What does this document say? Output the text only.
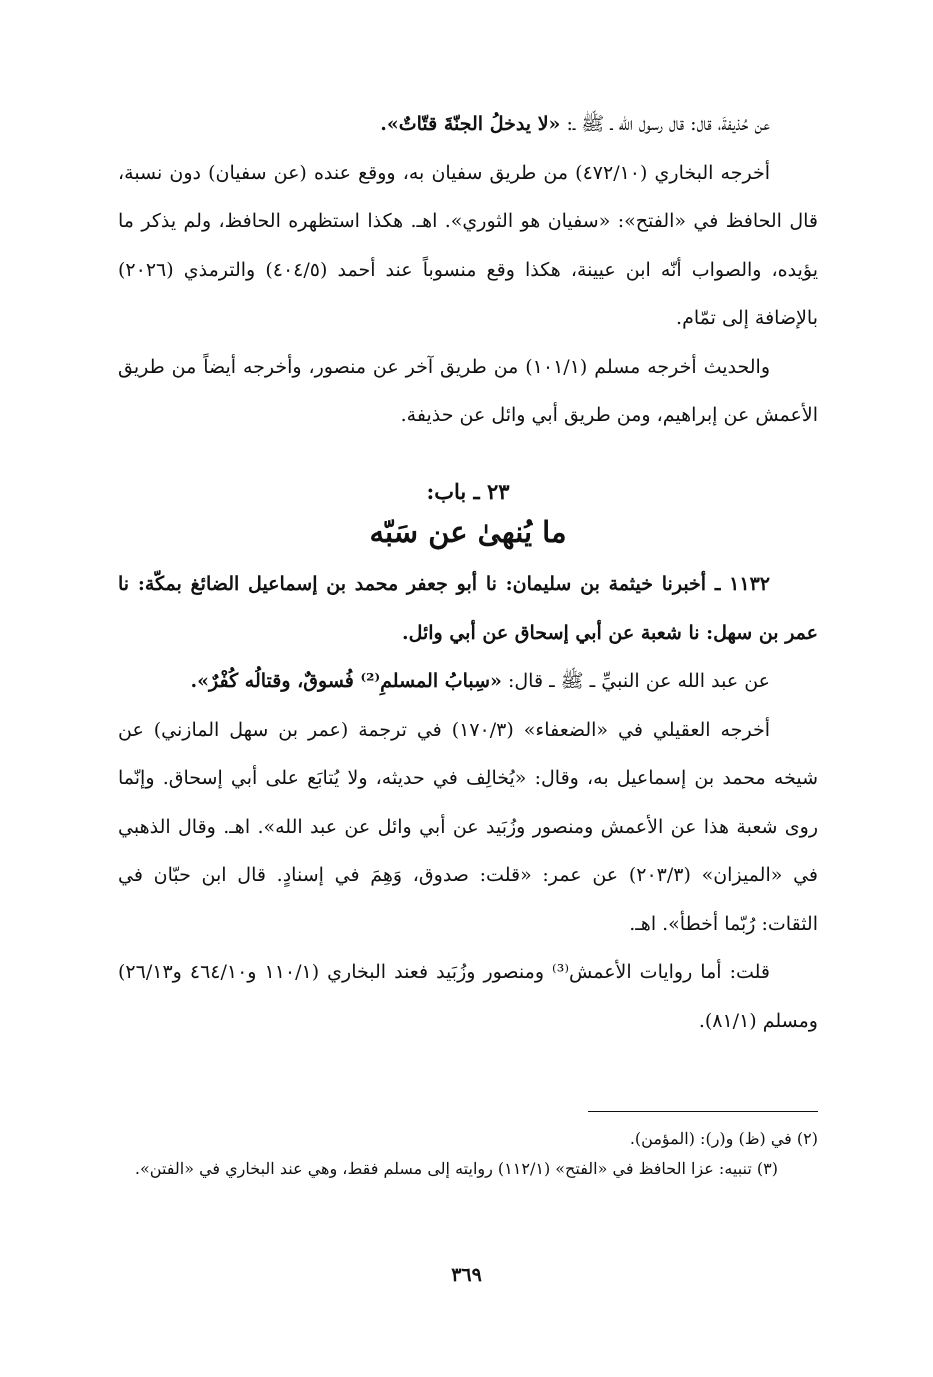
عن حُذيفةَ، قال: قال رسول الله ـ ﷺ ـ: «لا يدخلُ الجنّةَ قتّاتٌ».

أخرجه البخاري (٤٧٢/١٠) من طريق سفيان به، ووقع عنده (عن سفيان) دون نسبة، قال الحافظ في «الفتح»: «سفيان هو الثوري». اهـ. هكذا استظهره الحافظ، ولم يذكر ما يؤيده، والصواب أنّه ابن عيينة، هكذا وقع منسوباً عند أحمد (٤٠٤/٥) والترمذي (٢٠٢٦) بالإضافة إلى تمّام.

والحديث أخرجه مسلم (١٠١/١) من طريق آخر عن منصور، وأخرجه أيضاً من طريق الأعمش عن إبراهيم، ومن طريق أبي وائل عن حذيفة.

٢٣ ـ باب:
ما يُنهىٰ عن سَبّه

١١٣٢ ـ أخبرنا خيثمة بن سليمان: نا أبو جعفر محمد بن إسماعيل الضائغ بمكّة: نا عمر بن سهل: نا شعبة عن أبي إسحاق عن أبي وائل.

عن عبد الله عن النبيِّ ـ ﷺ ـ قال: «سِبابُ المسلمِ⁽²⁾ فُسوقٌ، وقتالُه كُفْرٌ».

أخرجه العقيلي في «الضعفاء» (١٧٠/٣) في ترجمة (عمر بن سهل المازني) عن شيخه محمد بن إسماعيل به، وقال: «يُخالِف في حديثه، ولا يُتابَع على أبي إسحاق. وإنّما روى شعبة هذا عن الأعمش ومنصور وزُبَيد عن أبي وائل عن عبد الله». اهـ. وقال الذهبي في «الميزان» (٢٠٣/٣) عن عمر: «قلت: صدوق، وَهِمَ في إسنادٍ. قال ابن حبّان في الثقات: رُبّما أخطأ». اهـ.

قلت: أما روايات الأعمش⁽³⁾ ومنصور وزُبَيد فعند البخاري (١١٠/١ و٤٦٤/١٠ و٢٦/١٣) ومسلم (٨١/١).

(٢) في (ظ) و(ر): (المؤمن).

(٣) تنبيه: عزا الحافظ في «الفتح» (١١٢/١) روايته إلى مسلم فقط، وهي عند البخاري في «الفتن».

٣٦٩
